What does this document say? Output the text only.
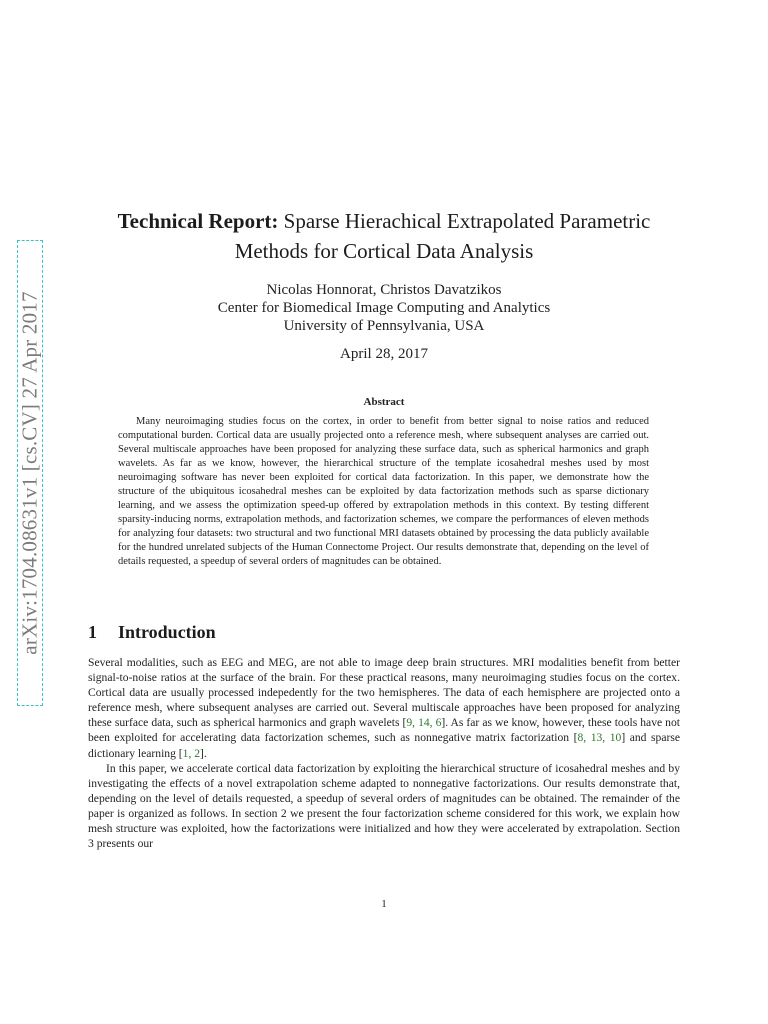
arXiv:1704.08631v1 [cs.CV] 27 Apr 2017
Technical Report: Sparse Hierachical Extrapolated Parametric
Methods for Cortical Data Analysis
Nicolas Honnorat, Christos Davatzikos
Center for Biomedical Image Computing and Analytics
University of Pennsylvania, USA
April 28, 2017
Abstract

Many neuroimaging studies focus on the cortex, in order to benefit from better signal to noise ratios and reduced computational burden. Cortical data are usually projected onto a reference mesh, where subsequent analyses are carried out. Several multiscale approaches have been proposed for analyzing these surface data, such as spherical harmonics and graph wavelets. As far as we know, however, the hierarchical structure of the template icosahedral meshes used by most neuroimaging software has never been exploited for cortical data factorization. In this paper, we demonstrate how the structure of the ubiquitous icosahedral meshes can be exploited by data factorization methods such as sparse dictionary learning, and we assess the optimization speed-up offered by extrapolation methods in this context. By testing different sparsity-inducing norms, extrapolation methods, and factorization schemes, we compare the performances of eleven methods for analyzing four datasets: two structural and two functional MRI datasets obtained by processing the data publicly available for the hundred unrelated subjects of the Human Connectome Project. Our results demonstrate that, depending on the level of details requested, a speedup of several orders of magnitudes can be obtained.

1 Introduction

Several modalities, such as EEG and MEG, are not able to image deep brain structures. MRI modalities benefit from better signal-to-noise ratios at the surface of the brain. For these practical reasons, many neuroimaging studies focus on the cortex. Cortical data are usually processed indepedently for the two hemispheres. The data of each hemisphere are projected onto a reference mesh, where subsequent analyses are carried out. Several multiscale approaches have been proposed for analyzing these surface data, such as spherical harmonics and graph wavelets [9, 14, 6]. As far as we know, however, these tools have not been exploited for accelerating data factorization schemes, such as nonnegative matrix factorization [8, 13, 10] and sparse dictionary learning [1, 2].

In this paper, we accelerate cortical data factorization by exploiting the hierarchical structure of icosahedral meshes and by investigating the effects of a novel extrapolation scheme adapted to nonnegative factorizations. Our results demonstrate that, depending on the level of details requested, a speedup of several orders of magnitudes can be obtained. The remainder of the paper is organized as follows. In section 2 we present the four factorization scheme considered for this work, we explain how mesh structure was exploited, how the factorizations were initialized and how they were accelerated by extrapolation. Section 3 presents our

1
